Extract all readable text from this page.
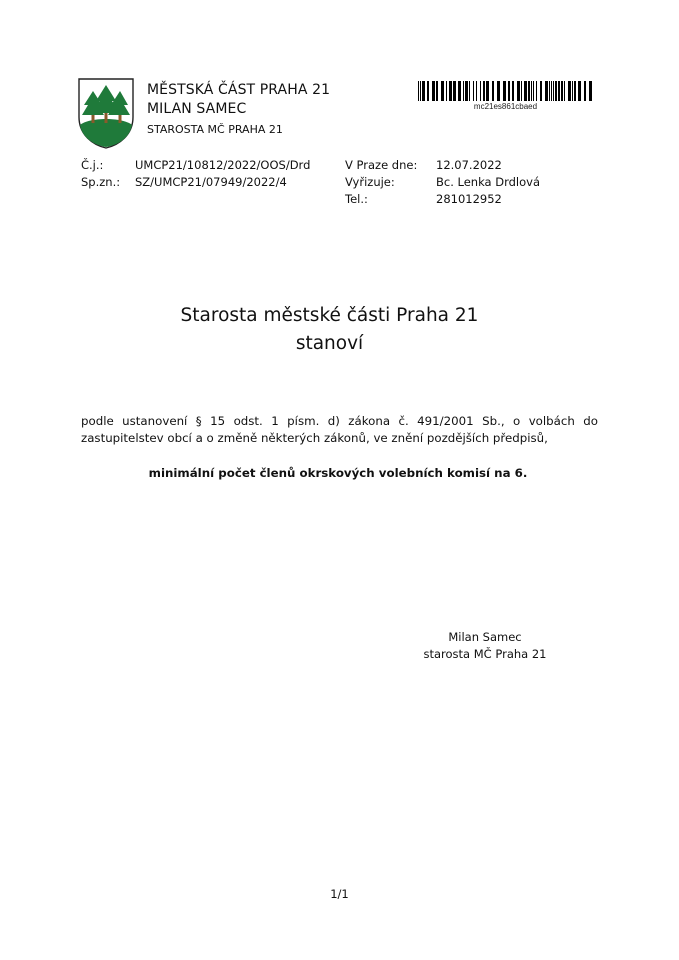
MĚSTSKÁ ČÁST PRAHA 21
MILAN SAMEC
STAROSTA MČ PRAHA 21
mc21es861cbaed
Č.j.:
Sp.zn.:
UMCP21/10812/2022/OOS/Drd
SZ/UMCP21/07949/2022/4
V Praze dne:
Vyřizuje:
Tel.:
12.07.2022
Bc. Lenka Drdlová
281012952
Starosta městské části Praha 21
stanoví
podle ustanovení § 15 odst. 1 písm. d) zákona č. 491/2001 Sb., o volbách do zastupitelstev obcí a o změně některých zákonů, ve znění pozdějších předpisů,
minimální počet členů okrskových volebních komisí na 6.
Milan Samec
starosta MČ Praha 21
1/1
